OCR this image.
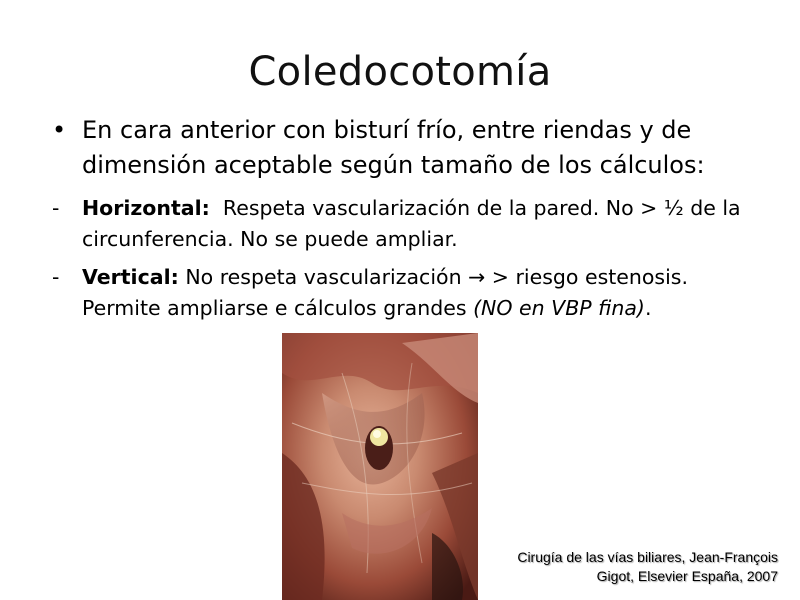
Coledocotomía
• En cara anterior con bisturí frío, entre riendas y de dimensión aceptable según tamaño de los cálculos:
- Horizontal:  Respeta vascularización de la pared. No > ½ de la circunferencia. No se puede ampliar.
- Vertical: No respeta vascularización → > riesgo estenosis. Permite ampliarse e cálculos grandes (NO en VBP fina).
Cirugía de las vías biliares, Jean-François Gigot, Elsevier España, 2007
